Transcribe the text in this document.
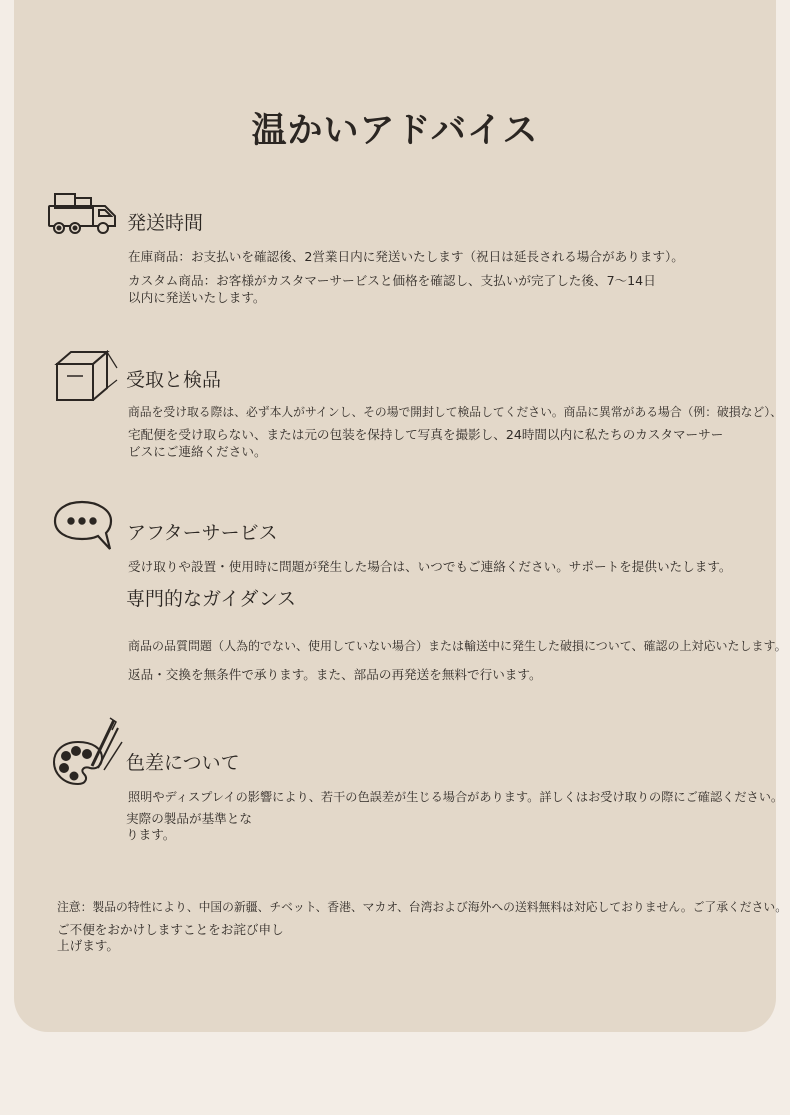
温かいアドバイス
発送時間
在庫商品：お支払いを確認後、2営業日内に発送いたします（祝日は延長される場合があります）。
カスタム商品：お客様がカスタマーサービスと価格を確認し、支払いが完了した後、7〜14日
以内に発送いたします。
受取と検品
商品を受け取る際は、必ず本人がサインし、その場で開封して検品してください。商品に異常がある場合（例：破損など）、
宅配便を受け取らない、または元の包装を保持して写真を撮影し、24時間以内に私たちのカスタマーサー
ビスにご連絡ください。
アフターサービス
受け取りや設置・使用時に問題が発生した場合は、いつでもご連絡ください。サポートを提供いたします。
専門的なガイダンス
商品の品質問題（人為的でない、使用していない場合）または輸送中に発生した破損について、確認の上対応いたします。
返品・交換を無条件で承ります。また、部品の再発送を無料で行います。
色差について
照明やディスプレイの影響により、若干の色誤差が生じる場合があります。詳しくはお受け取りの際にご確認ください。
実際の製品が基準とな
ります。
注意：製品の特性により、中国の新疆、チベット、香港、マカオ、台湾および海外への送料無料は対応しておりません。ご了承ください。
ご不便をおかけしますことをお詫び申し
上げます。
